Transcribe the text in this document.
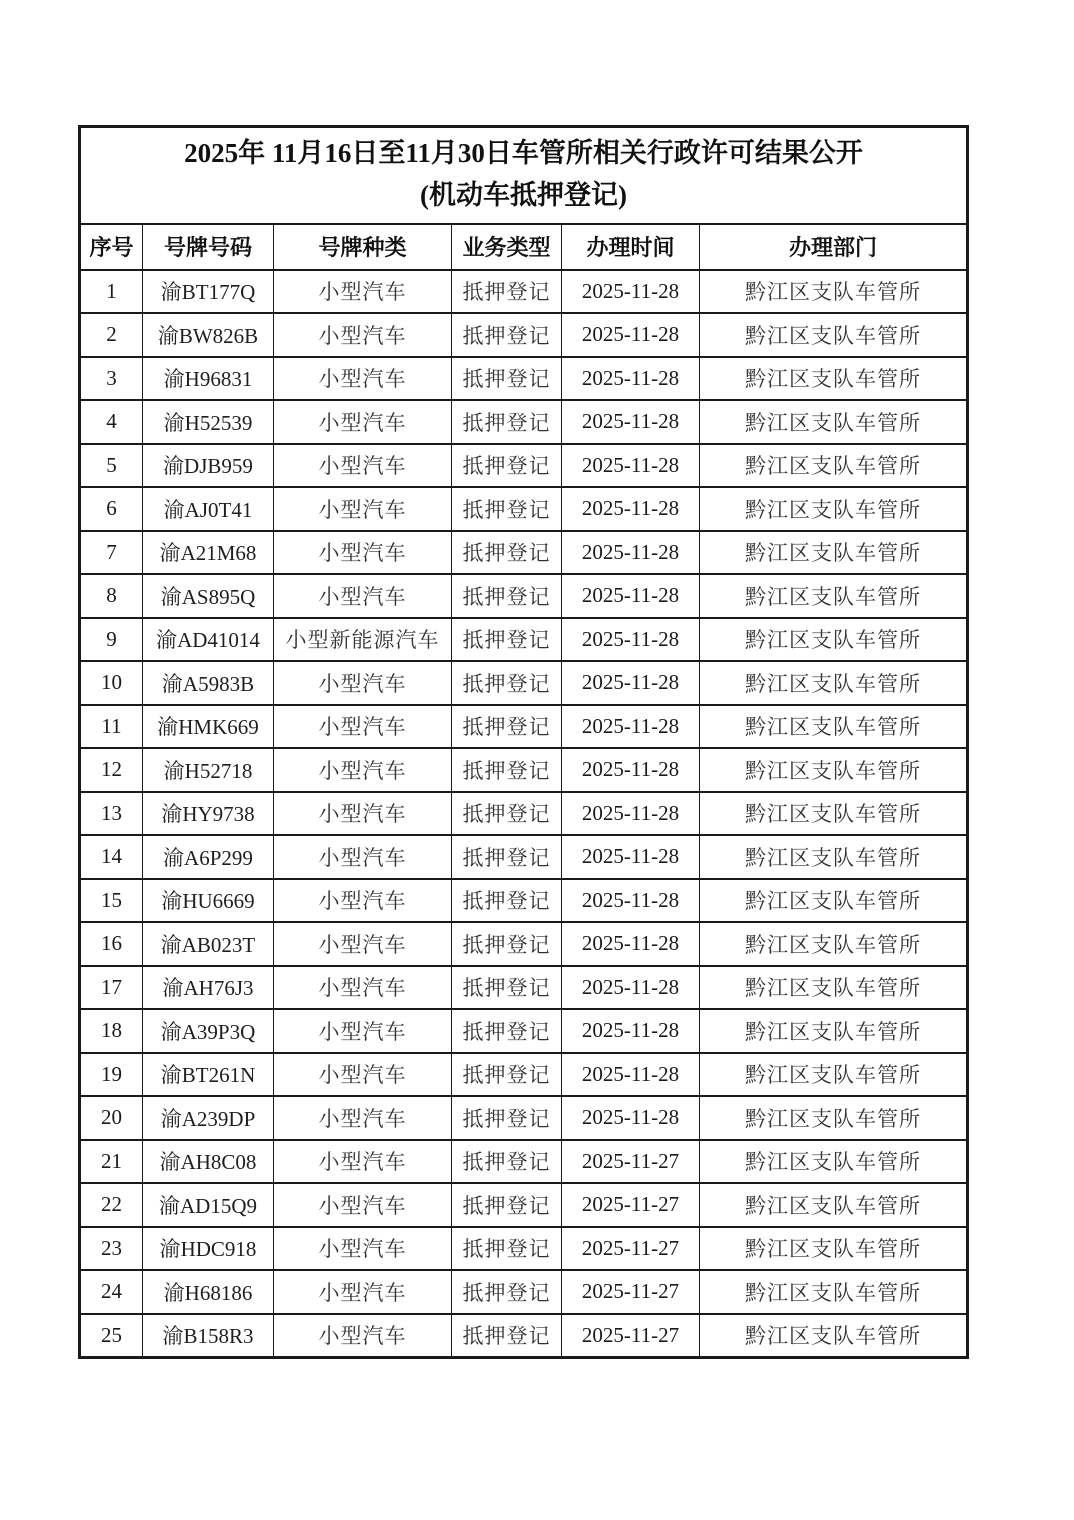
2025年 11月16日至11月30日车管所相关行政许可结果公开
(机动车抵押登记)					

序号	号牌号码	号牌种类	业务类型	办理时间	办理部门
1	渝BT177Q	小型汽车	抵押登记	2025-11-28	黔江区支队车管所
2	渝BW826B	小型汽车	抵押登记	2025-11-28	黔江区支队车管所
3	渝H96831	小型汽车	抵押登记	2025-11-28	黔江区支队车管所
4	渝H52539	小型汽车	抵押登记	2025-11-28	黔江区支队车管所
5	渝DJB959	小型汽车	抵押登记	2025-11-28	黔江区支队车管所
6	渝AJ0T41	小型汽车	抵押登记	2025-11-28	黔江区支队车管所
7	渝A21M68	小型汽车	抵押登记	2025-11-28	黔江区支队车管所
8	渝AS895Q	小型汽车	抵押登记	2025-11-28	黔江区支队车管所
9	渝AD41014	小型新能源汽车	抵押登记	2025-11-28	黔江区支队车管所
10	渝A5983B	小型汽车	抵押登记	2025-11-28	黔江区支队车管所
11	渝HMK669	小型汽车	抵押登记	2025-11-28	黔江区支队车管所
12	渝H52718	小型汽车	抵押登记	2025-11-28	黔江区支队车管所
13	渝HY9738	小型汽车	抵押登记	2025-11-28	黔江区支队车管所
14	渝A6P299	小型汽车	抵押登记	2025-11-28	黔江区支队车管所
15	渝HU6669	小型汽车	抵押登记	2025-11-28	黔江区支队车管所
16	渝AB023T	小型汽车	抵押登记	2025-11-28	黔江区支队车管所
17	渝AH76J3	小型汽车	抵押登记	2025-11-28	黔江区支队车管所
18	渝A39P3Q	小型汽车	抵押登记	2025-11-28	黔江区支队车管所
19	渝BT261N	小型汽车	抵押登记	2025-11-28	黔江区支队车管所
20	渝A239DP	小型汽车	抵押登记	2025-11-28	黔江区支队车管所
21	渝AH8C08	小型汽车	抵押登记	2025-11-27	黔江区支队车管所
22	渝AD15Q9	小型汽车	抵押登记	2025-11-27	黔江区支队车管所
23	渝HDC918	小型汽车	抵押登记	2025-11-27	黔江区支队车管所
24	渝H68186	小型汽车	抵押登记	2025-11-27	黔江区支队车管所
25	渝B158R3	小型汽车	抵押登记	2025-11-27	黔江区支队车管所
